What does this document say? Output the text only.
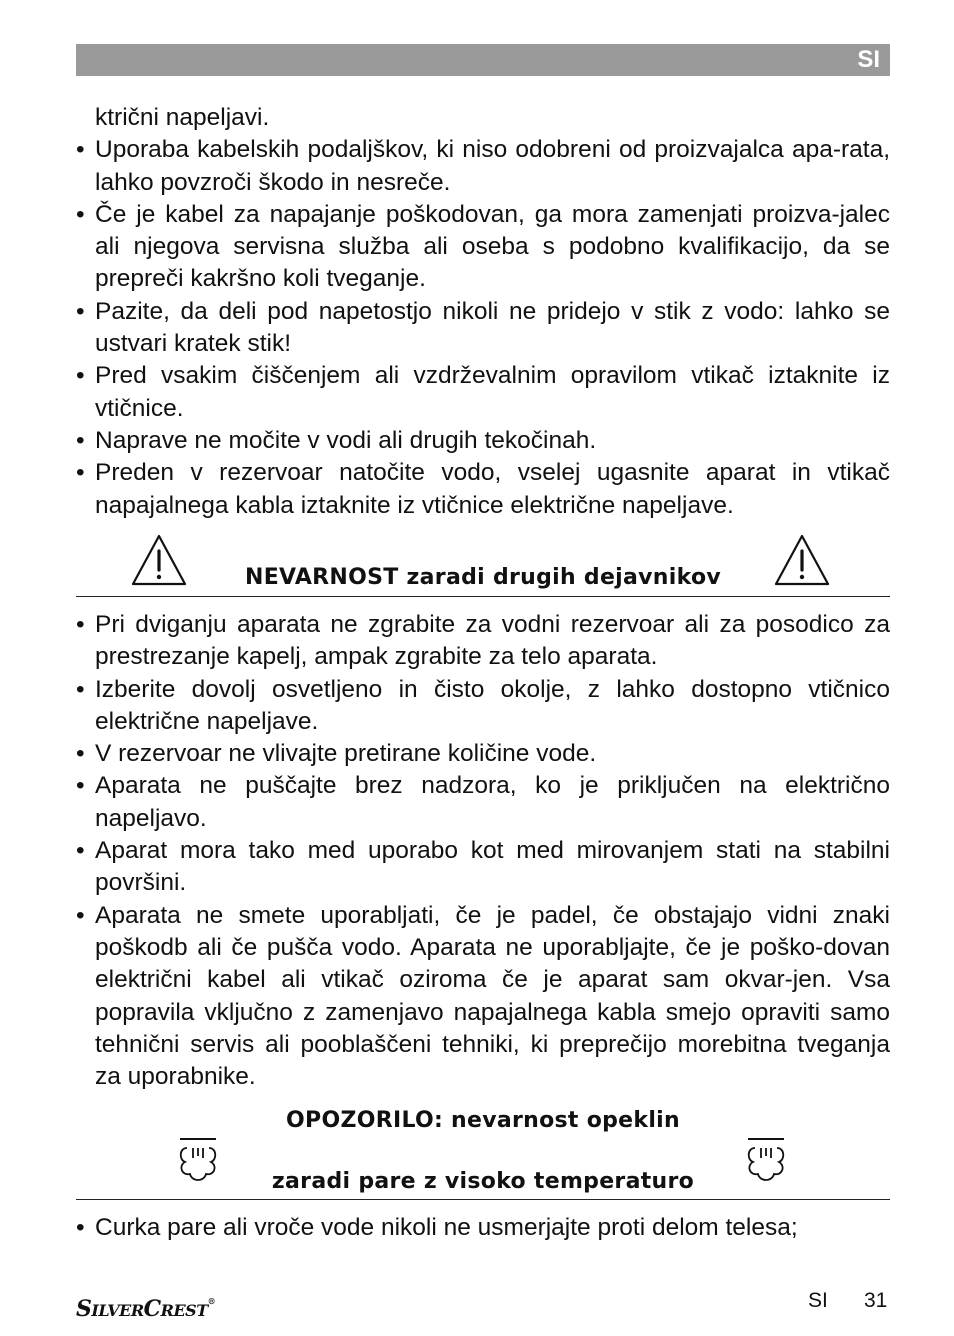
SI
ktrični napeljavi.
• Uporaba kabelskih podaljškov, ki niso odobreni od proizvajalca apa-rata, lahko povzroči škodo in nesreče.
• Če je kabel za napajanje poškodovan, ga mora zamenjati proizva-jalec ali njegova servisna služba ali oseba s podobno kvalifikacijo, da se prepreči kakršno koli tveganje.
• Pazite, da deli pod napetostjo nikoli ne pridejo v stik z vodo: lahko se ustvari kratek stik!
• Pred vsakim čiščenjem ali vzdrževalnim opravilom vtikač iztaknite iz vtičnice.
• Naprave ne močite v vodi ali drugih tekočinah.
• Preden v rezervoar natočite vodo, vselej ugasnite aparat in vtikač napajalnega kabla iztaknite iz vtičnice električne napeljave.
NEVARNOST zaradi drugih dejavnikov
• Pri dviganju aparata ne zgrabite za vodni rezervoar ali za posodico za prestrezanje kapelj, ampak zgrabite za telo aparata.
• Izberite dovolj osvetljeno in čisto okolje, z lahko dostopno vtičnico električne napeljave.
• V rezervoar ne vlivajte pretirane količine vode.
• Aparata ne puščajte brez nadzora, ko je priključen na električno napeljavo.
• Aparat mora tako med uporabo kot med mirovanjem stati na stabilni površini.
• Aparata ne smete uporabljati, če je padel, če obstajajo vidni znaki poškodb ali če pušča vodo. Aparata ne uporabljajte, če je poško-dovan električni kabel ali vtikač oziroma če je aparat sam okvar-jen. Vsa popravila vključno z zamenjavo napajalnega kabla smejo opraviti samo tehnični servis ali pooblaščeni tehniki, ki preprečijo morebitna tveganja za uporabnike.
OPOZORILO: nevarnost opeklin
zaradi pare z visoko temperaturo
• Curka pare ali vroče vode nikoli ne usmerjajte proti delom telesa;
SILVERCREST®	SI 31
